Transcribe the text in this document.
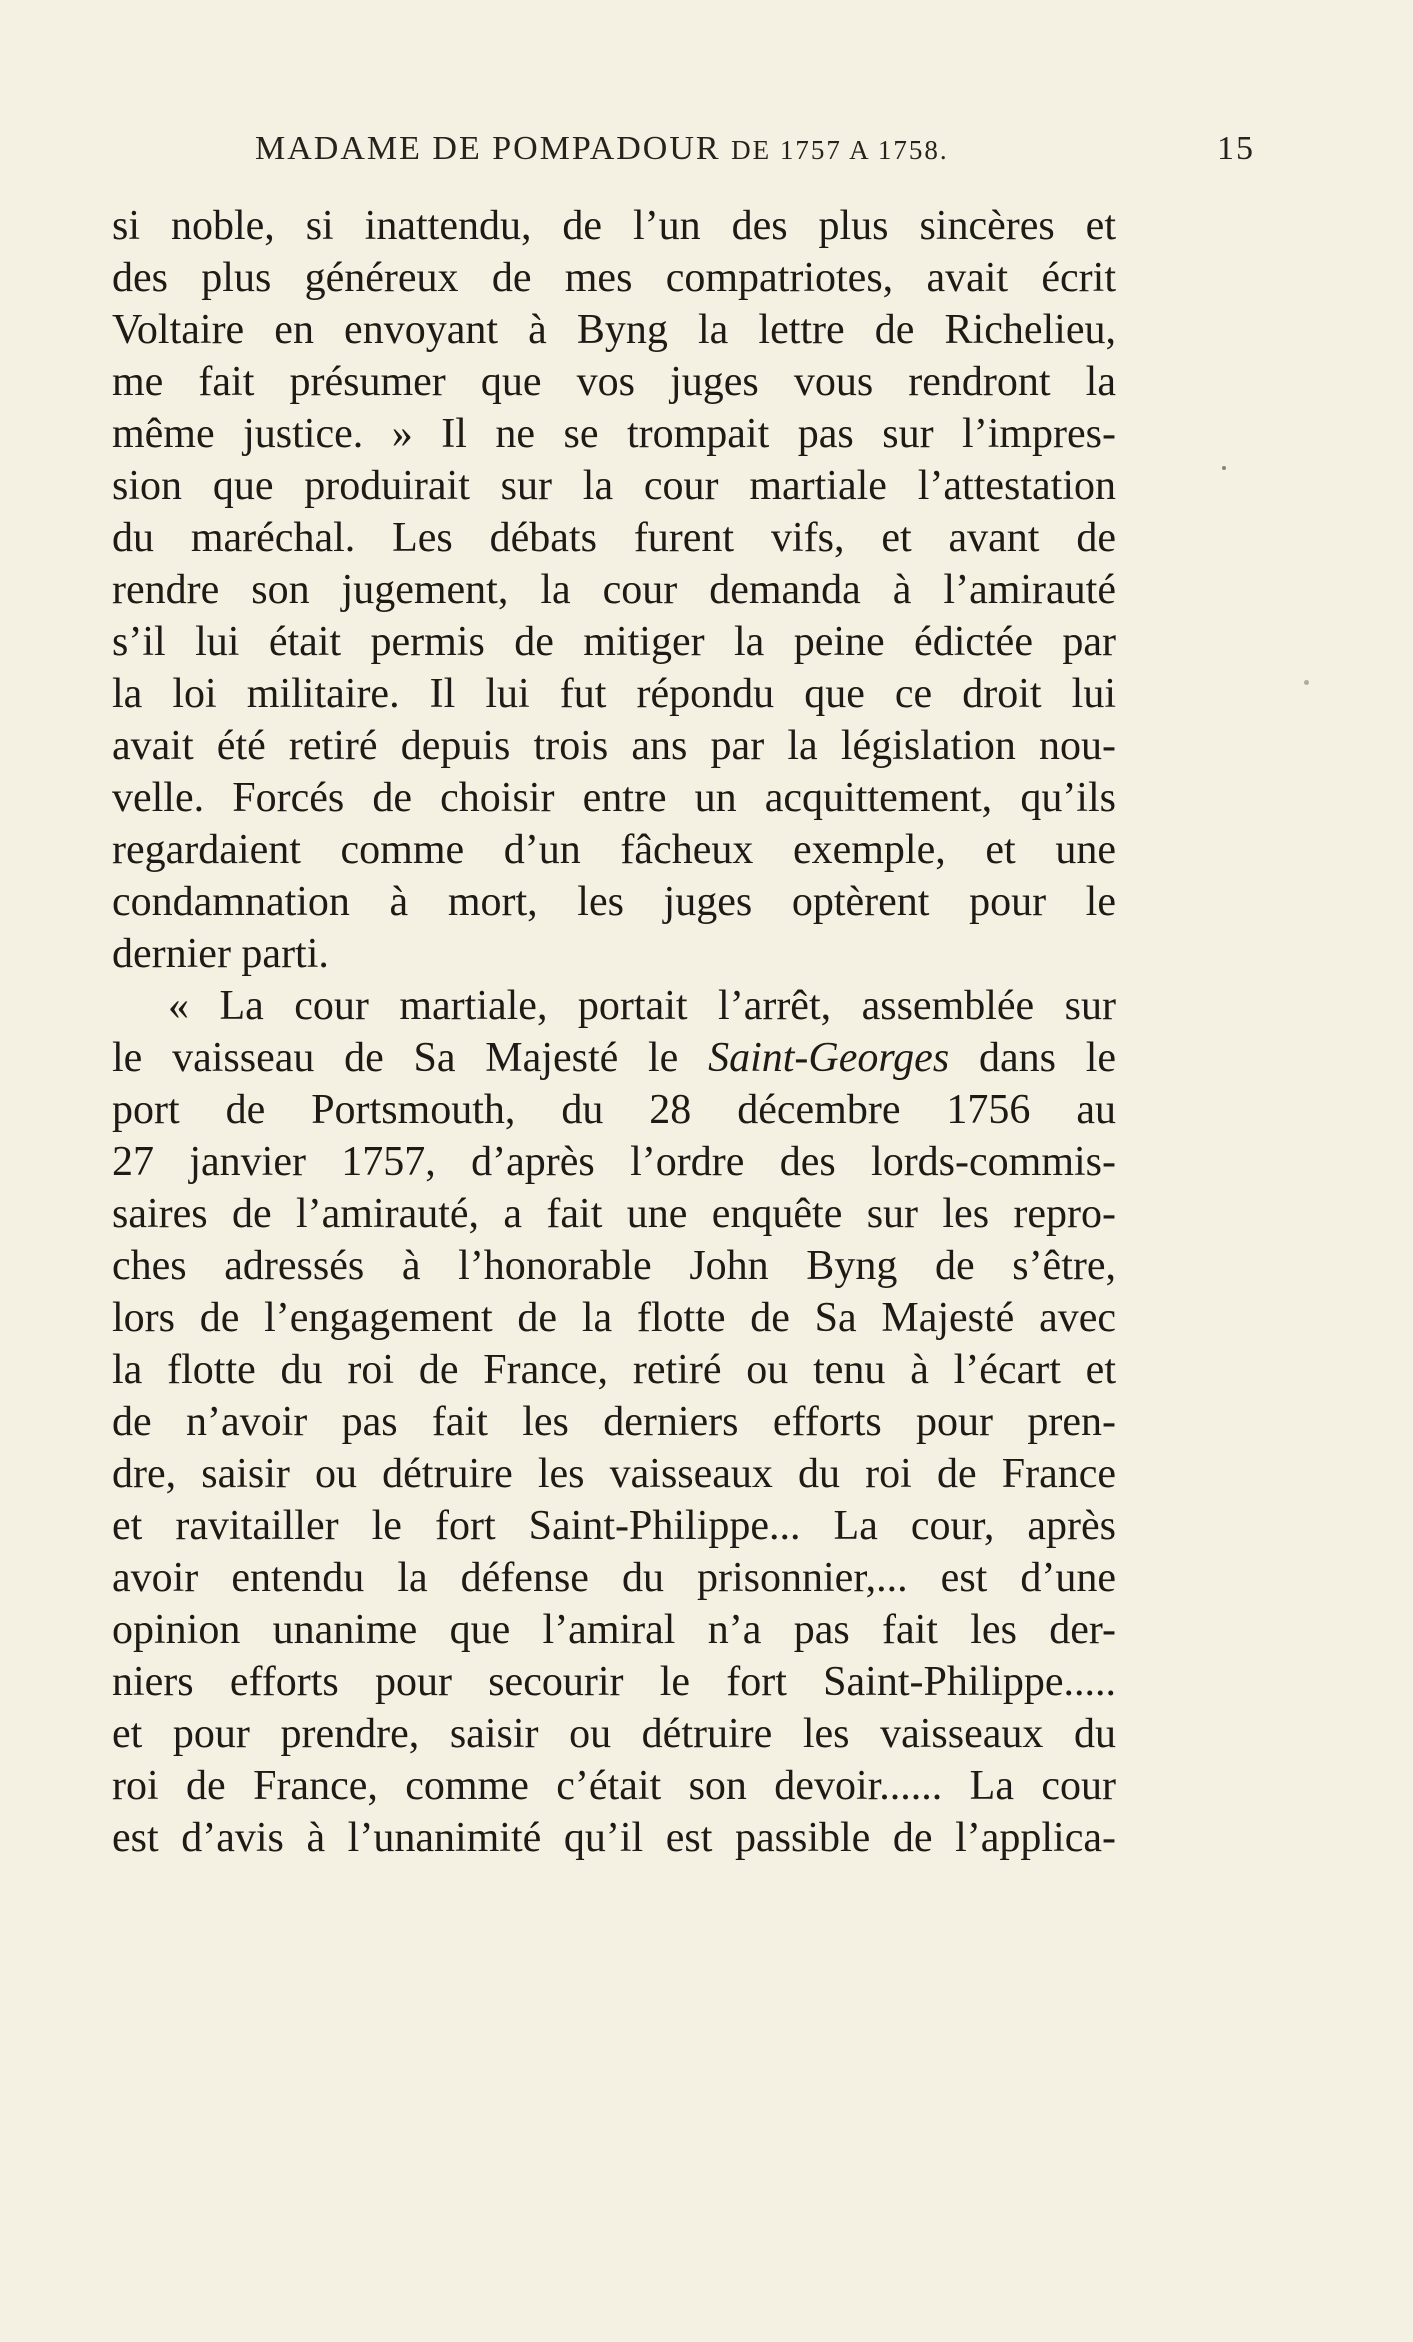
MADAME DE POMPADOUR DE 1757 A 1758.	15
si noble, si inattendu, de l’un des plus sincères et
des plus généreux de mes compatriotes, avait écrit
Voltaire en envoyant à Byng la lettre de Richelieu,
me fait présumer que vos juges vous rendront la
même justice. » Il ne se trompait pas sur l’impres-
sion que produirait sur la cour martiale l’attestation
du maréchal. Les débats furent vifs, et avant de
rendre son jugement, la cour demanda à l’amirauté
s’il lui était permis de mitiger la peine édictée par
la loi militaire. Il lui fut répondu que ce droit lui
avait été retiré depuis trois ans par la législation nou-
velle. Forcés de choisir entre un acquittement, qu’ils
regardaient comme d’un fâcheux exemple, et une
condamnation à mort, les juges optèrent pour le
dernier parti.
« La cour martiale, portait l’arrêt, assemblée sur
le vaisseau de Sa Majesté le Saint-Georges dans le
port de Portsmouth, du 28 décembre 1756 au
27 janvier 1757, d’après l’ordre des lords-commis-
saires de l’amirauté, a fait une enquête sur les repro-
ches adressés à l’honorable John Byng de s’être,
lors de l’engagement de la flotte de Sa Majesté avec
la flotte du roi de France, retiré ou tenu à l’écart et
de n’avoir pas fait les derniers efforts pour pren-
dre, saisir ou détruire les vaisseaux du roi de France
et ravitailler le fort Saint-Philippe... La cour, après
avoir entendu la défense du prisonnier,... est d’une
opinion unanime que l’amiral n’a pas fait les der-
niers efforts pour secourir le fort Saint-Philippe.....
et pour prendre, saisir ou détruire les vaisseaux du
roi de France, comme c’était son devoir...... La cour
est d’avis à l’unanimité qu’il est passible de l’applica-
